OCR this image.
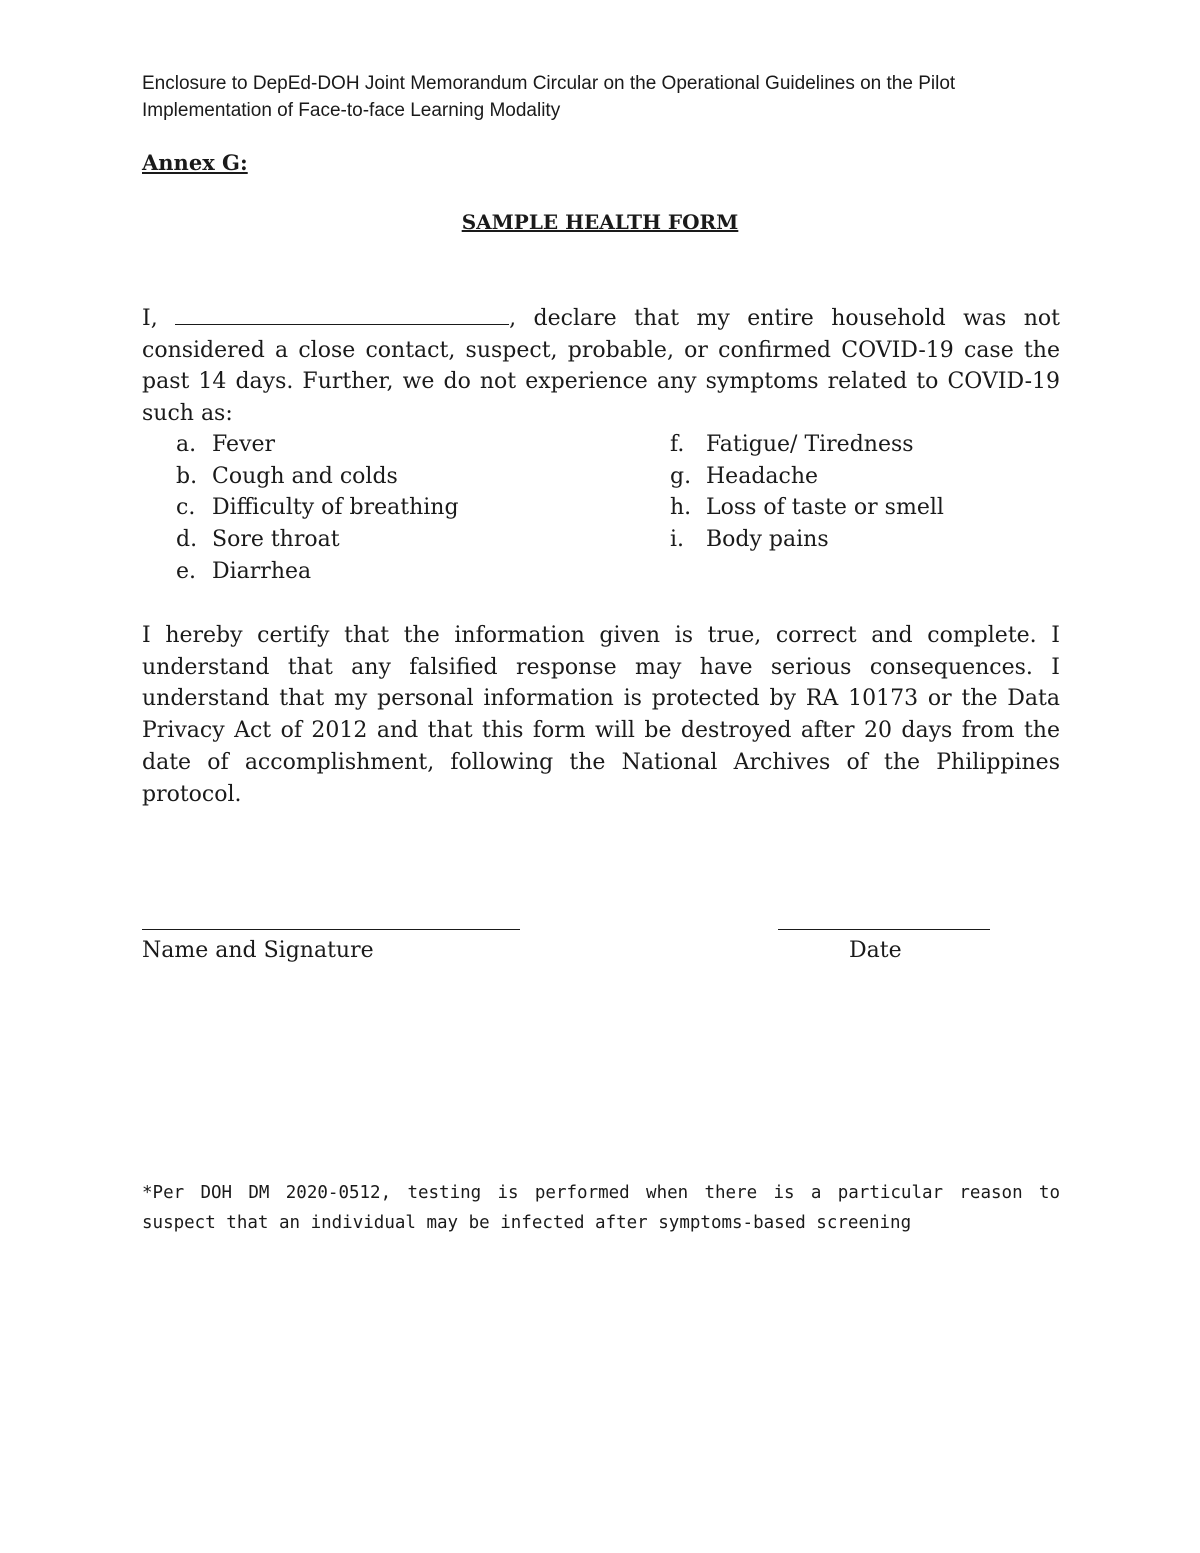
Enclosure to DepEd-DOH Joint Memorandum Circular on the Operational Guidelines on the Pilot
Implementation of Face-to-face Learning Modality
Annex G:
SAMPLE HEALTH FORM
I,	, declare that my entire household was not considered a close contact, suspect, probable, or confirmed COVID-19 case the past 14 days. Further, we do not experience any symptoms related to COVID-19 such as:
a. Fever
b. Cough and colds
c. Difficulty of breathing
d. Sore throat
e. Diarrhea
f. Fatigue/ Tiredness
g. Headache
h. Loss of taste or smell
i. Body pains
I hereby certify that the information given is true, correct and complete. I understand that any falsified response may have serious consequences. I understand that my personal information is protected by RA 10173 or the Data Privacy Act of 2012 and that this form will be destroyed after 20 days from the date of accomplishment, following the National Archives of the Philippines protocol.
Name and Signature	Date
*Per DOH DM 2020-0512, testing is performed when there is a particular reason to suspect that an individual may be infected after symptoms-based screening
